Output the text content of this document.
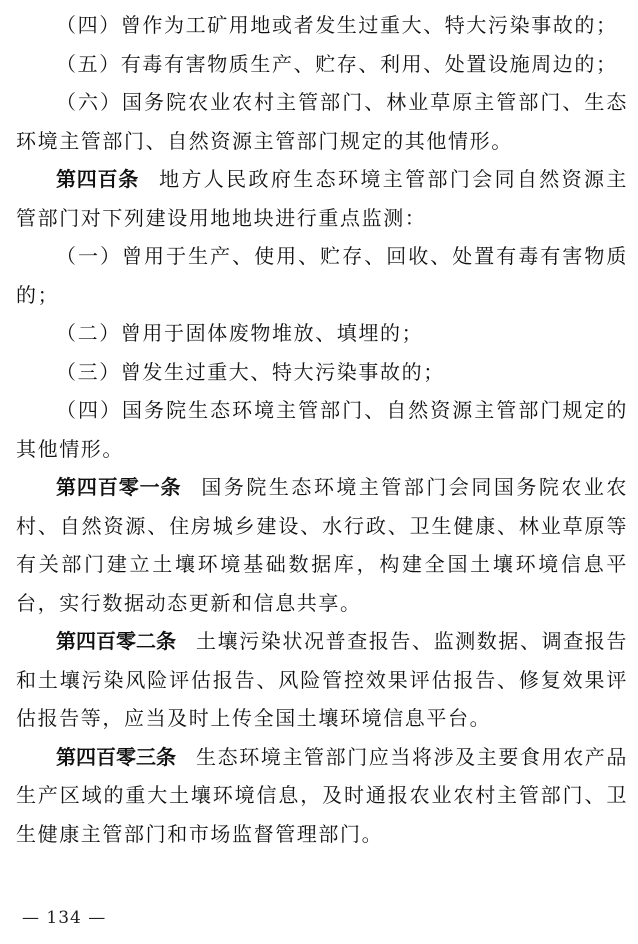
（四）曾作为工矿用地或者发生过重大、特大污染事故的；

（五）有毒有害物质生产、贮存、利用、处置设施周边的；

（六）国务院农业农村主管部门、林业草原主管部门、生态环境主管部门、自然资源主管部门规定的其他情形。

第四百条 地方人民政府生态环境主管部门会同自然资源主管部门对下列建设用地地块进行重点监测：

（一）曾用于生产、使用、贮存、回收、处置有毒有害物质的；

（二）曾用于固体废物堆放、填埋的；

（三）曾发生过重大、特大污染事故的；

（四）国务院生态环境主管部门、自然资源主管部门规定的其他情形。

第四百零一条 国务院生态环境主管部门会同国务院农业农村、自然资源、住房城乡建设、水行政、卫生健康、林业草原等有关部门建立土壤环境基础数据库，构建全国土壤环境信息平台，实行数据动态更新和信息共享。

第四百零二条 土壤污染状况普查报告、监测数据、调查报告和土壤污染风险评估报告、风险管控效果评估报告、修复效果评估报告等，应当及时上传全国土壤环境信息平台。

第四百零三条 生态环境主管部门应当将涉及主要食用农产品生产区域的重大土壤环境信息，及时通报农业农村主管部门、卫生健康主管部门和市场监督管理部门。

— 134 —
